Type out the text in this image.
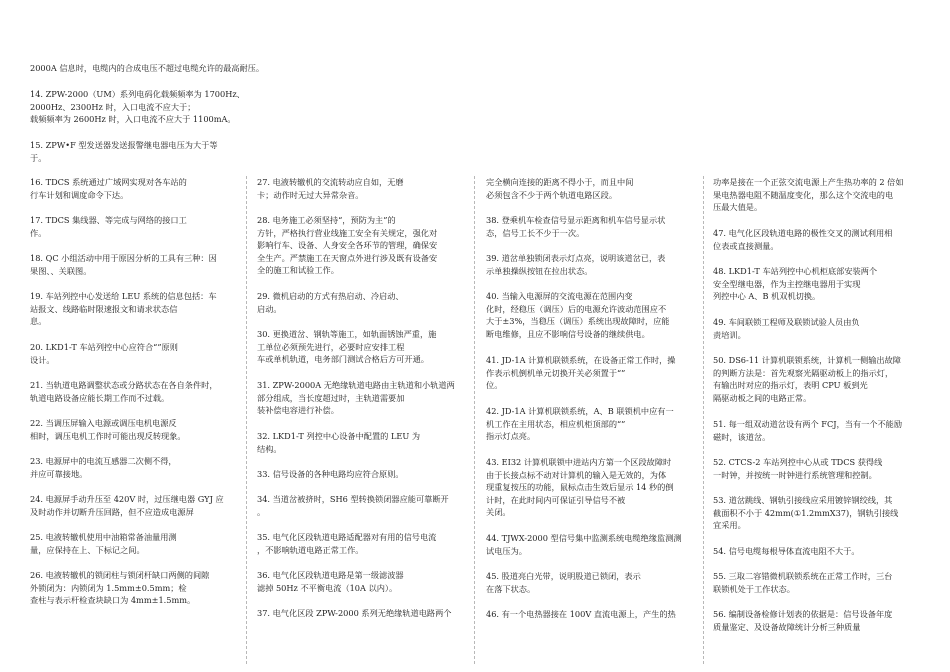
2000A 信息时，电缆内的合成电压不超过电缆允许的最高耐压。

14. ZPW-2000（UM）系列电码化载频频率为 1700Hz、
2000Hz、2300Hz 时，入口电流不应大于；
载频频率为 2600Hz 时，入口电流不应大于 1100mA。

15. ZPW•F 型发送器发送报警继电器电压为大于等
于。

16. TDCS 系统通过广域网实现对各车站的
行车计划和调度命令下达。

17. TDCS 集线器、等完成与网络的接口工
作。

18. QC 小组活动中用于原因分析的工具有三种：因
果图、、关联图。

19. 车站列控中心发送给 LEU 系统的信息包括：车
站报文、线路临时限速报文和请求状态信
息。

20. LKD1-T 车站列控中心应符合“”原则
设计。

21. 当轨道电路调整状态或分路状态在各自条件时，
轨道电路设备应能长期工作而不过载。

22. 当调压屏输入电源或调压电机电源反
相时，调压电机工作时可能出现反转现象。

23. 电源屏中的电流互感器二次侧不得，
并应可靠接地。

24. 电源屏手动升压至 420V 时，过压继电器 GYJ 应
及时动作并切断升压回路，但不应造成电源屏

25. 电液转辙机使用中油箱常备油量用测
量，应保持在上、下标记之间。

26. 电液转辙机的锁闭柱与锁闭杆缺口两侧的间隙
外锁闭为：内锁闭为 1.5mm±0.5mm；检
查柱与表示杆检查块缺口为 4mm±1.5mm。

27. 电液转辙机的交流转动应自如，无磨
卡；动作时无过大异常杂音。

28. 电务施工必须坚持“，预防为主”的
方针，严格执行营业线施工安全有关规定，强化对
影响行车、设备、人身安全各环节的管理，确保安
全生产。严禁施工在天窗点外进行涉及既有设备安
全的施工和试验工作。

29. 微机启动的方式有热启动、冷启动、
启动。

30. 更换道岔、钢轨等施工，如轨面锈蚀严重，施
工单位必须预先进行，必要时应安排工程
车或单机轨道，电务部门测试合格后方可开通。

31. ZPW-2000A 无绝缘轨道电路由主轨道和小轨道两
部分组成，当长度超过时，主轨道需要加
装补偿电容进行补偿。

32. LKD1-T 列控中心设备中配置的 LEU 为
结构。

33. 信号设备的各种电路均应符合原则。

34. 当道岔被挤时，SH6 型转换锁闭器应能可靠断开
。

35. 电气化区段轨道电路适配器对有用的信号电流
，不影响轨道电路正常工作。

36. 电气化区段轨道电路是第一级滤波器
滤掉 50Hz 不平衡电流（10A 以内）。

37. 电气化区段 ZPW-2000 系列无绝缘轨道电路两个

完全横向连接的距离不得小于，而且中间
必须包含不少于两个轨道电路区段。

38. 登乘机车检查信号显示距离和机车信号显示状
态，信号工长不少于一次。

39. 道岔单独锁闭表示灯点亮，说明该道岔已，表
示单独操纵按钮在拉出状态。

40. 当输入电源屏的交流电源在范围内变
化时，经稳压（调压）后的电源允许波动范围应不
大于±3%，当稳压（调压）系统出现故障时，应能
断电维修，且应不影响信号设备的继续供电。

41. JD-1A 计算机联锁系统，在设备正常工作时，操
作表示机倒机单元切换开关必须置于“”
位。

42. JD-1A 计算机联锁系统，A、B 联锁机中应有一
机工作在主用状态，相应机柜顶部的“”
指示灯点亮。

43. EI32 计算机联锁中进站内方第一个区段故障时
由于长接点标不动对计算机的输入是无效的，为体
现重复按压的功能，鼠标点击生效后显示 14 秒的倒
计时，在此时间内可保证引导信号不被
关闭。

44. TJWX-2000 型信号集中监测系统电缆绝缘监测测
试电压为。

45. 股道亮白光带，说明股道已锁闭，表示
在落下状态。

46. 有一个电热器接在 100V 直流电源上，产生的热

功率是接在一个正弦交流电源上产生热功率的 2 倍如
果电热器电阻不随温度变化，那么这个交流电的电
压最大值是。

47. 电气化区段轨道电路的极性交叉的测试利用相
位表或直接测量。

48. LKD1-T 车站列控中心机柜底部安装两个
安全型继电器，作为主控继电器用于实现
列控中心 A、B 机双机切换。

49. 车间联锁工程师及联锁试验人员由负
责培训。

50. DS6-11 计算机联锁系统，计算机一侧输出故障
的判断方法是：首先观察光隔驱动板上的指示灯，
有输出时对应的指示灯，表明 CPU 板到光
隔驱动板之间的电路正常。

51. 每一组双动道岔设有两个 FCJ，当有一个不能励
磁时，该道岔。

52. CTCS-2 车站列控中心从或 TDCS 获得线
一时钟，并按统一时钟进行系统管理和控制。

53. 道岔跳线、钢轨引接线应采用镀锌钢绞线，其
截面积不小于 42mm(①1.2mmX37)，钢轨引接线
宜采用。

54. 信号电缆每根导体直流电阻不大于。

55. 三取二容错微机联锁系统在正常工作时，三台
联锁机处于工作状态。

56. 编制设备检修计划表的依据是：信号设备年度
质量鉴定、及设备故障统计分析三种质量
